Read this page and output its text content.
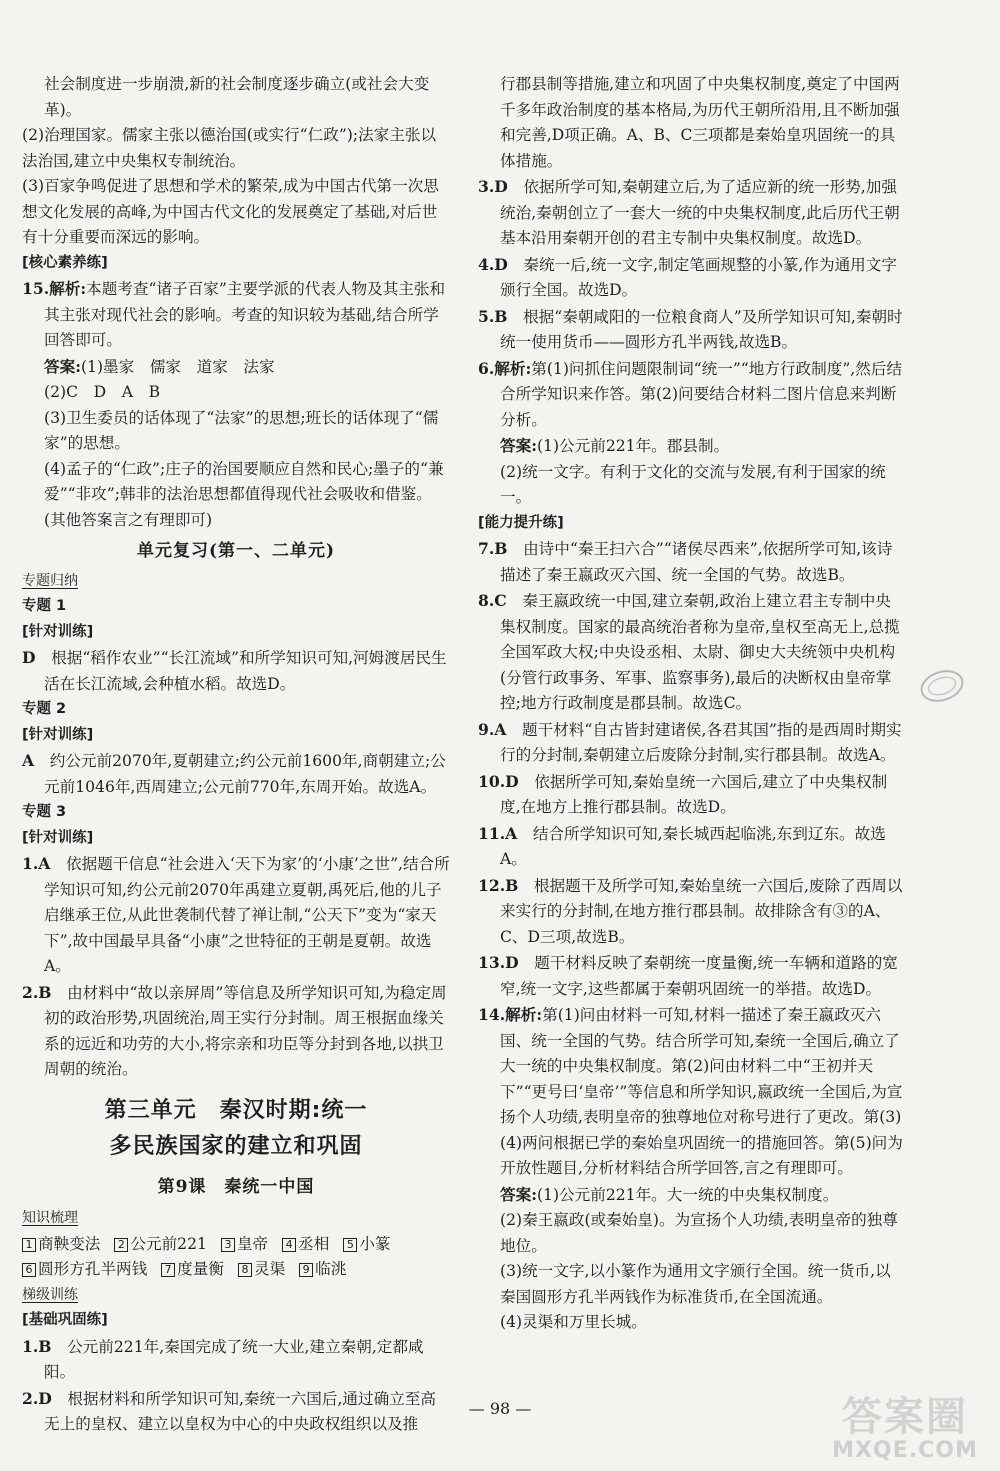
社会制度进一步崩溃,新的社会制度逐步确立(或社会大变革)。

(2)治理国家。儒家主张以德治国(或实行“仁政”);法家主张以法治国,建立中央集权专制统治。

(3)百家争鸣促进了思想和学术的繁荣,成为中国古代第一次思想文化发展的高峰,为中国古代文化的发展奠定了基础,对后世有十分重要而深远的影响。

[核心素养练]

15.解析:本题考查“诸子百家”主要学派的代表人物及其主张和其主张对现代社会的影响。考查的知识较为基础,结合所学回答即可。

答案:(1)墨家　儒家　道家　法家

(2)C　D　A　B

(3)卫生委员的话体现了“法家”的思想;班长的话体现了“儒家”的思想。

(4)孟子的“仁政”;庄子的治国要顺应自然和民心;墨子的“兼爱”“非攻”;韩非的法治思想都值得现代社会吸收和借鉴。(其他答案言之有理即可)

单元复习(第一、二单元)

专题归纳

专题 1

[针对训练]

D　 根据“稻作农业”“长江流域”和所学知识可知,河姆渡居民生活在长江流域,会种植水稻。故选D。

专题 2

[针对训练]

A　 约公元前2070年,夏朝建立;约公元前1600年,商朝建立;公元前1046年,西周建立;公元前770年,东周开始。故选A。

专题 3

[针对训练]

1.A　 依据题干信息“社会进入‘天下为家’的‘小康’之世”,结合所学知识可知,约公元前2070年禹建立夏朝,禹死后,他的儿子启继承王位,从此世袭制代替了禅让制,“公天下”变为“家天下”,故中国最早具备“小康”之世特征的王朝是夏朝。故选A。

2.B　 由材料中“故以亲屏周”等信息及所学知识可知,为稳定周初的政治形势,巩固统治,周王实行分封制。周王根据血缘关系的远近和功劳的大小,将宗亲和功臣等分封到各地,以拱卫周朝的统治。

第三单元　秦汉时期:统一

多民族国家的建立和巩固

第9课　秦统一中国

知识梳理

1 商鞅变法	2 公元前221	3 皇帝	4 丞相	5 小篆
6 圆形方孔半两钱	7 度量衡	8 灵渠	9 临洮

梯级训练

[基础巩固练]

1.B　 公元前221年,秦国完成了统一大业,建立秦朝,定都咸阳。

2.D　 根据材料和所学知识可知,秦统一六国后,通过确立至高无上的皇权、建立以皇权为中心的中央政权组织以及推

行郡县制等措施,建立和巩固了中央集权制度,奠定了中国两千多年政治制度的基本格局,为历代王朝所沿用,且不断加强和完善,D项正确。A、B、C三项都是秦始皇巩固统一的具体措施。

3.D　 依据所学可知,秦朝建立后,为了适应新的统一形势,加强统治,秦朝创立了一套大一统的中央集权制度,此后历代王朝基本沿用秦朝开创的君主专制中央集权制度。故选D。

4.D　 秦统一后,统一文字,制定笔画规整的小篆,作为通用文字颁行全国。故选D。

5.B　 根据“秦朝咸阳的一位粮食商人”及所学知识可知,秦朝时统一使用货币——圆形方孔半两钱,故选B。

6.解析:第(1)问抓住问题限制词“统一”“地方行政制度”,然后结合所学知识来作答。第(2)问要结合材料二图片信息来判断分析。

答案:(1)公元前221年。郡县制。

(2)统一文字。有利于文化的交流与发展,有利于国家的统一。

[能力提升练]

7.B　 由诗中“秦王扫六合”“诸侯尽西来”,依据所学可知,该诗描述了秦王嬴政灭六国、统一全国的气势。故选B。

8.C　 秦王嬴政统一中国,建立秦朝,政治上建立君主专制中央集权制度。国家的最高统治者称为皇帝,皇权至高无上,总揽全国军政大权;中央设丞相、太尉、御史大夫统领中央机构(分管行政事务、军事、监察事务),最后的决断权由皇帝掌控;地方行政制度是郡县制。故选C。

9.A　 题干材料“自古皆封建诸侯,各君其国”指的是西周时期实行的分封制,秦朝建立后废除分封制,实行郡县制。故选A。

10.D　 依据所学可知,秦始皇统一六国后,建立了中央集权制度,在地方上推行郡县制。故选D。

11.A　 结合所学知识可知,秦长城西起临洮,东到辽东。故选A。

12.B　 根据题干及所学可知,秦始皇统一六国后,废除了西周以来实行的分封制,在地方推行郡县制。故排除含有③的A、C、D三项,故选B。

13.D　 题干材料反映了秦朝统一度量衡,统一车辆和道路的宽窄,统一文字,这些都属于秦朝巩固统一的举措。故选D。

14.解析:第(1)问由材料一可知,材料一描述了秦王嬴政灭六国、统一全国的气势。结合所学可知,秦统一全国后,确立了大一统的中央集权制度。第(2)问由材料二中“王初并天下”“更号曰‘皇帝’”等信息和所学知识,嬴政统一全国后,为宣扬个人功绩,表明皇帝的独尊地位对称号进行了更改。第(3)(4)两问根据已学的秦始皇巩固统一的措施回答。第(5)问为开放性题目,分析材料结合所学回答,言之有理即可。

答案:(1)公元前221年。大一统的中央集权制度。

(2)秦王嬴政(或秦始皇)。为宣扬个人功绩,表明皇帝的独尊地位。

(3)统一文字,以小篆作为通用文字颁行全国。统一货币,以秦国圆形方孔半两钱作为标准货币,在全国流通。

(4)灵渠和万里长城。

— 98 —	答案圈
MXQE.COM
